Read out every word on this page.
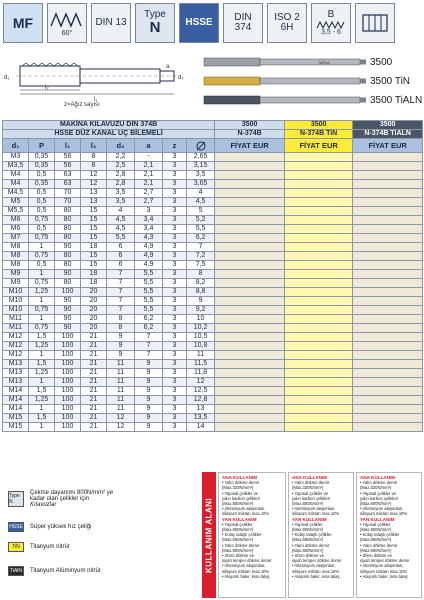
MF
60°
DIN 13
Type
N HSSE DIN
374
ISO 2
6H
B
3,5 - 6
d₁
l₂
l₁
a
d₂
z=Ağız sayısı
TARKA	3500
3500 TiN
3500 TiALN
MAKİNA KILAVUZU DIN 374B								3500	3500	3500
HSSE DÜZ KANAL UÇ BİLEMELİ								N-374B	N-374B TiN	N-374B TiALN
d₁	P	l₁	l₂	d₂	a	z		FİYAT EUR	FİYAT EUR	FİYAT EUR
M3	0,35	56	8	2,2	-	3	2,65			
M3,5	0,35	56	8	2,5	2,1	3	3,15			
M4	0,5	63	12	2,8	2,1	3	3,5			
M4	0,35	63	12	2,8	2,1	3	3,65			
M4,5	0,5	70	13	3,5	2,7	3	4			
M5	0,5	70	13	3,5	2,7	3	4,5			
M5,5	0,5	80	15	4	3	3	5			
M6	0,75	80	15	4,5	3,4	3	5,2			
M6	0,5	80	15	4,5	3,4	3	5,5			
M7	0,75	80	15	5,5	4,3	3	6,2			
M8	1	90	18	6	4,9	3	7			
M8	0,75	80	15	6	4,9	3	7,2			
M8	0,5	80	15	6	4,9	3	7,5			
M9	1	90	18	7	5,5	3	8			
M9	0,75	80	18	7	5,5	3	8,2			
M10	1,25	100	20	7	5,5	3	8,8			
M10	1	90	20	7	5,5	3	9			
M10	0,75	90	20	7	5,5	3	9,2			
M11	1	90	20	8	6,2	3	10			
M11	0,75	90	20	8	6,2	3	10,2			
M12	1,5	100	21	9	7	3	10,5			
M12	1,25	100	21	9	7	3	10,8			
M12	1	100	21	9	7	3	11			
M13	1,5	100	21	11	9	3	11,5			
M13	1,25	100	21	11	9	3	11,8			
M13	1	100	21	11	9	3	12			
M14	1,5	100	21	11	9	3	12,5			
M14	1,25	100	21	11	9	3	12,8			
M14	1	100	21	11	9	3	13			
M15	1,5	100	21	12	9	3	13,5			
M15	1	100	21	12	9	3	14			
Type N
Çekme dayanımı 800N/mm² ye
kadar olan çelikler için
Kılavuzlar
HSSE Süper yüksek hız çeliği
TiN	Titanyum nitrür
TiAlN	Titanyum Alüminyum nitrür	KULLANIM ALANI
ANA KULLANIM
• Yalın dökme demir
(Max.320N/mm²)
• Yapısal çelikler ve
yalın karbon çelikleri
(Max.800N/mm²)
• Alüminyum alaşımları,
silisyum miktarı max.10%
YAN KULLANIM
• Yapısal çelikler
(Max.900N/mm²)
• Kolay talaşlı çelikler
(Max.650N/mm²)
• Yalın dökme demir
(Max.800N/mm²)
• Sfero dökme ve
siyah temper dökme demir
• Alüminyum alaşımları,
silisyum miktarı max.10%
• Alaşımlı bakır, kısa talaş
ANA KULLANIM
• Yalın dökme demir
(Max.320N/mm²)
• Yapısal çelikler ve
yalın karbon çelikleri
(Max.800N/mm²)
• Alüminyum alaşımları,
silisyum miktarı max.10%
YAN KULLANIM
• Yapısal çelikler
(Max.900N/mm²)
• Kolay talaşlı çelikler
(Max.650N/mm²)
• Yalın dökme demir
(Max.800N/mm²)
• Sfero dökme ve
siyah temper dökme demir
• Alüminyum alaşımları,
silisyum miktarı max.10%
• Alaşımlı bakır, kısa talaş
ANA KULLANIM
• Yalın dökme demir
(Max.320N/mm²)
• Yapısal çelikler ve
yalın karbon çelikleri
(Max.800N/mm²)
• Alüminyum alaşımları,
silisyum miktarı max.10%
YAN KULLANIM
• Yapısal çelikler
(Max.900N/mm²)
• Kolay talaşlı çelikler
(Max.650N/mm²)
• Yalın dökme demir
(Max.800N/mm²)
• Sfero dökme ve
siyah temper dökme demir
• Alüminyum alaşımları,
silisyum miktarı max.10%
• Alaşımlı bakır, kısa talaş
